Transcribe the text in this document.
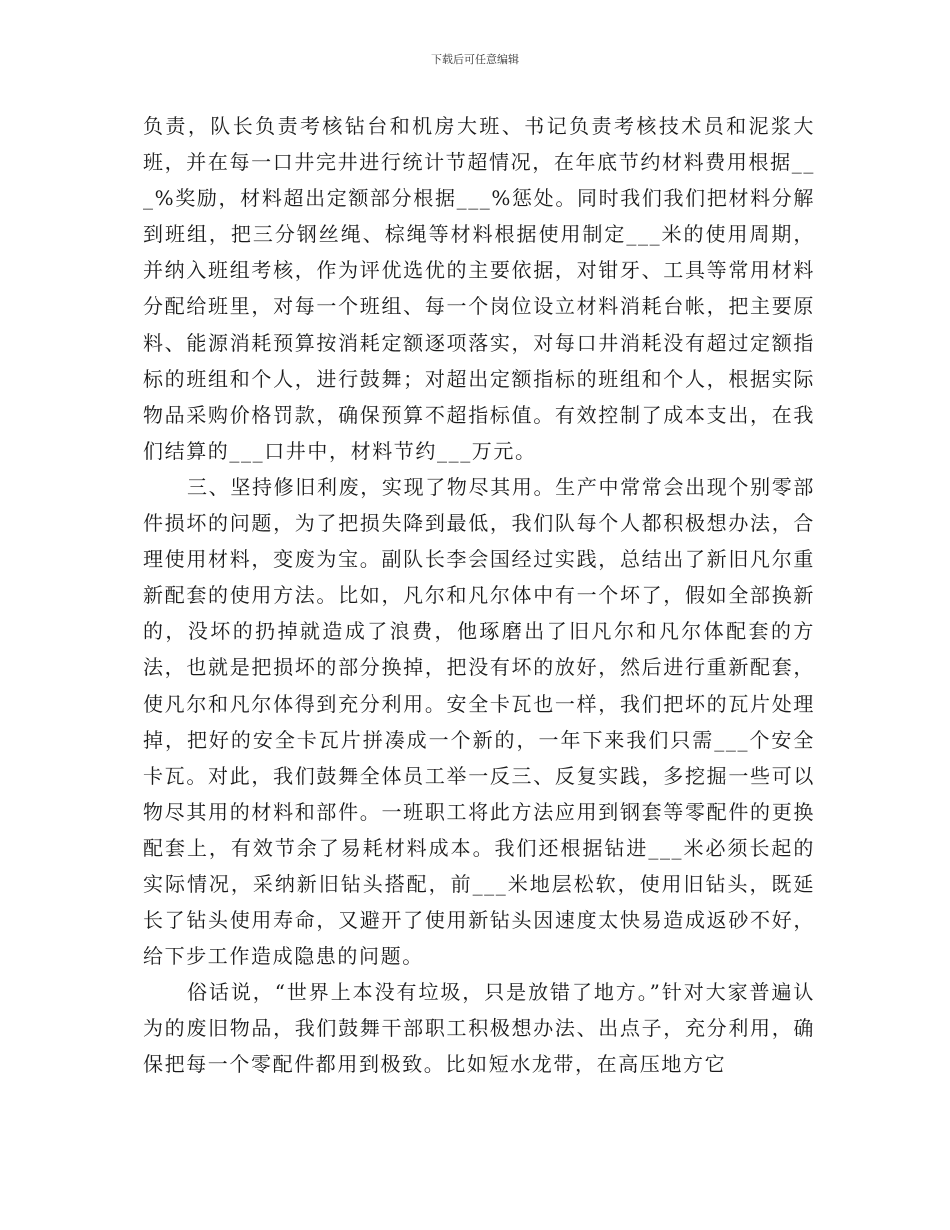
下载后可任意编辑

负责，队长负责考核钻台和机房大班、书记负责考核技术员和泥浆大班，并在每一口井完井进行统计节超情况，在年底节约材料费用根据___%奖励，材料超出定额部分根据___%惩处。同时我们我们把材料分解到班组，把三分钢丝绳、棕绳等材料根据使用制定___米的使用周期，并纳入班组考核，作为评优选优的主要依据，对钳牙、工具等常用材料分配给班里，对每一个班组、每一个岗位设立材料消耗台帐，把主要原料、能源消耗预算按消耗定额逐项落实，对每口井消耗没有超过定额指标的班组和个人，进行鼓舞；对超出定额指标的班组和个人，根据实际物品采购价格罚款，确保预算不超指标值。有效控制了成本支出，在我们结算的___口井中，材料节约___万元。

三、坚持修旧利废，实现了物尽其用。生产中常常会出现个别零部件损坏的问题，为了把损失降到最低，我们队每个人都积极想办法，合理使用材料，变废为宝。副队长李会国经过实践，总结出了新旧凡尔重新配套的使用方法。比如，凡尔和凡尔体中有一个坏了，假如全部换新的，没坏的扔掉就造成了浪费，他琢磨出了旧凡尔和凡尔体配套的方法，也就是把损坏的部分换掉，把没有坏的放好，然后进行重新配套，使凡尔和凡尔体得到充分利用。安全卡瓦也一样，我们把坏的瓦片处理掉，把好的安全卡瓦片拼凑成一个新的，一年下来我们只需___个安全卡瓦。对此，我们鼓舞全体员工举一反三、反复实践，多挖掘一些可以物尽其用的材料和部件。一班职工将此方法应用到钢套等零配件的更换配套上，有效节余了易耗材料成本。我们还根据钻进___米必须长起的实际情况，采纳新旧钻头搭配，前___米地层松软，使用旧钻头，既延长了钻头使用寿命，又避开了使用新钻头因速度太快易造成返砂不好，给下步工作造成隐患的问题。

俗话说，“世界上本没有垃圾，只是放错了地方。”针对大家普遍认为的废旧物品，我们鼓舞干部职工积极想办法、出点子，充分利用，确保把每一个零配件都用到极致。比如短水龙带，在高压地方它
